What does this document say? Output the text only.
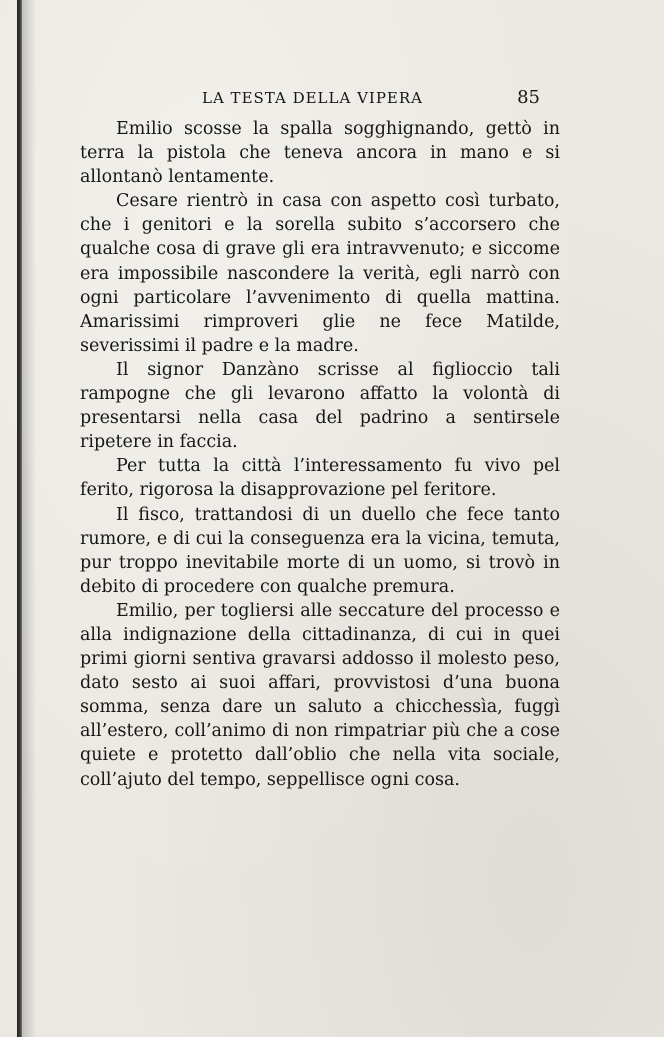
LA TESTA DELLA VIPERA	85

Emilio scosse la spalla sogghignando, gettò in terra la pistola che teneva ancora in mano e si allontanò lentamente.

Cesare rientrò in casa con aspetto così turbato, che i genitori e la sorella subito s’accorsero che qualche cosa di grave gli era intravvenuto; e siccome era impossibile nascondere la verità, egli narrò con ogni particolare l’avvenimento di quella mattina. Amarissimi rimproveri glie ne fece Matilde, severissimi il padre e la madre.

Il signor Danzàno scrisse al figlioccio tali rampogne che gli levarono affatto la volontà di presentarsi nella casa del padrino a sentirsele ripetere in faccia.

Per tutta la città l’interessamento fu vivo pel ferito, rigorosa la disapprovazione pel feritore.

Il fisco, trattandosi di un duello che fece tanto rumore, e di cui la conseguenza era la vicina, temuta, pur troppo inevitabile morte di un uomo, si trovò in debito di procedere con qualche premura.

Emilio, per togliersi alle seccature del processo e alla indignazione della cittadinanza, di cui in quei primi giorni sentiva gravarsi addosso il molesto peso, dato sesto ai suoi affari, provvistosi d’una buona somma, senza dare un saluto a chicchessìa, fuggì all’estero, coll’animo di non rimpatriar più che a cose quiete e protetto dall’oblio che nella vita sociale, coll’ajuto del tempo, seppellisce ogni cosa.
